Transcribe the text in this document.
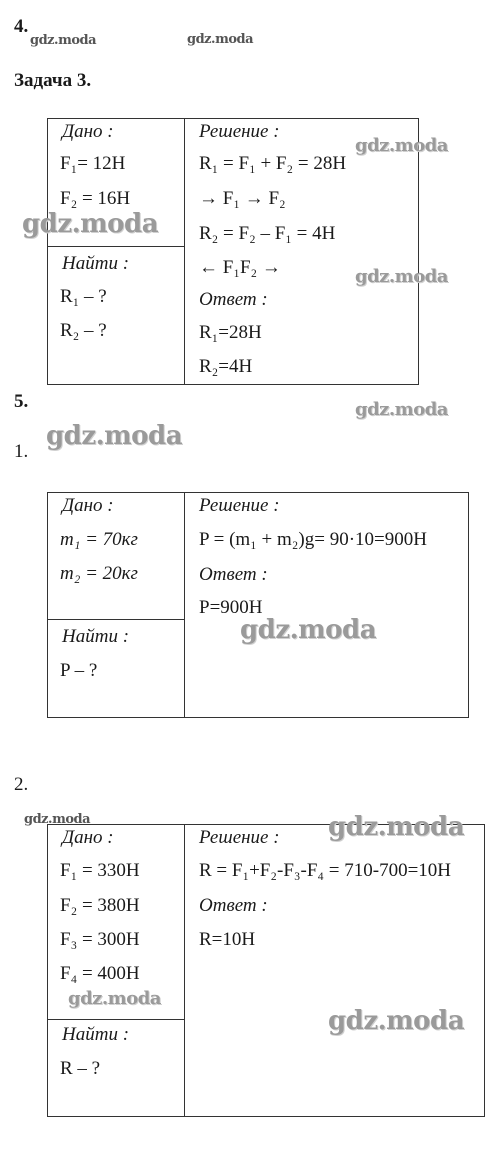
4.
gdz.moda	gdz.moda
Задача 3.
Дано :
F₁= 12Н
F₂ = 16Н
Найти :
R₁ – ?
R₂ – ?
Решение :
R₁ = F₁ + F₂ = 28Н
→ F₁ → F₂
R₂ = F₂ – F₁ = 4Н
← F₁F₂ →
Ответ :
R₁=28Н
R₂=4Н
gdz.moda
gdz.moda
gdz.moda
5.	gdz.moda
gdz.moda
1.
Дано :
m₁ = 70кг
m₂ = 20кг
Найти :
P – ?
Решение :
P = (m₁ + m₂)g= 90·10=900Н
Ответ :
P=900Н
gdz.moda
2.
gdz.moda
Дано :
F₁ = 330Н
F₂ = 380Н
F₃ = 300Н
F₄ = 400Н
Найти :
R – ?
Решение :
R = F₁+F₂-F₃-F₄ = 710-700=10Н
Ответ :
R=10Н
gdz.moda
gdz.moda
gdz.moda
